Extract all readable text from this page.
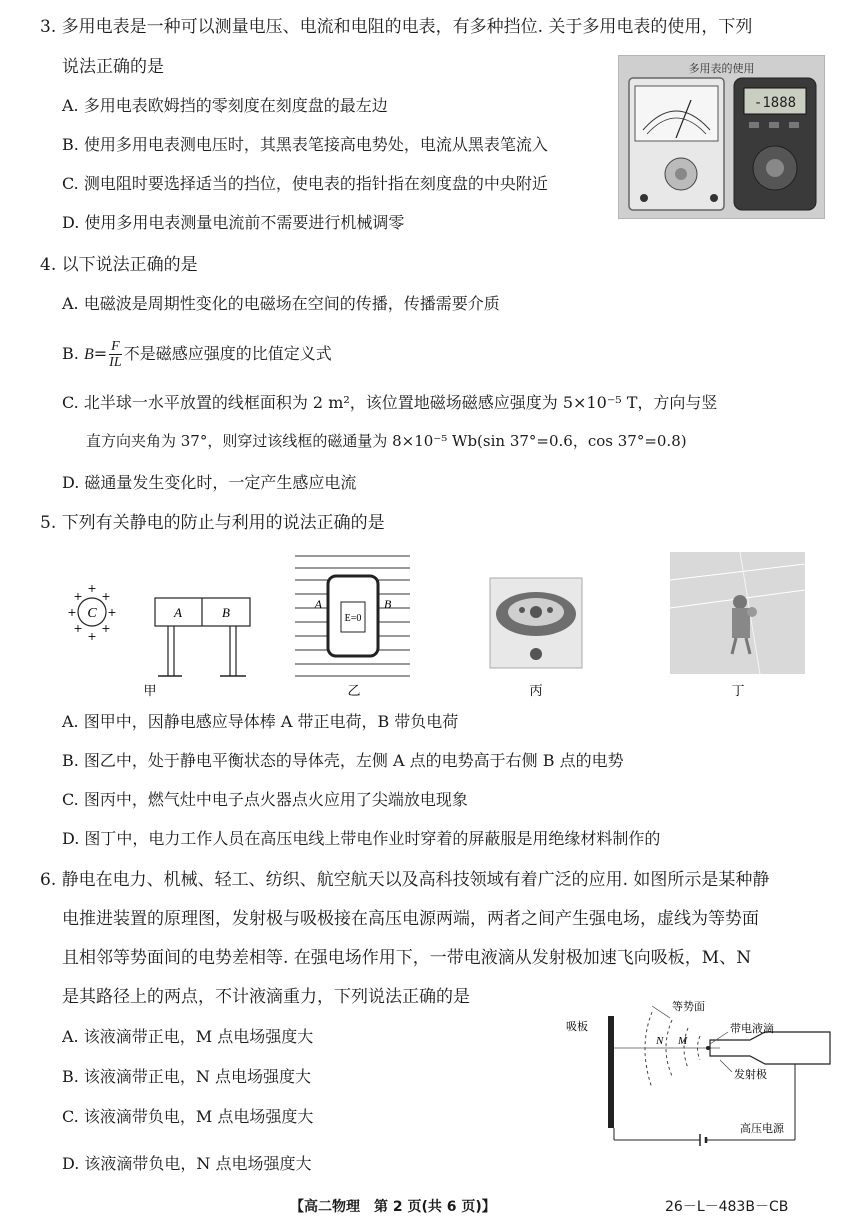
3. 多用电表是一种可以测量电压、电流和电阻的电表，有多种挡位. 关于多用电表的使用，下列
说法正确的是
A. 多用电表欧姆挡的零刻度在刻度盘的最左边
B. 使用多用电表测电压时，其黑表笔接高电势处，电流从黑表笔流入
C. 测电阻时要选择适当的挡位，使电表的指针指在刻度盘的中央附近
D. 使用多用电表测量电流前不需要进行机械调零
多用表的使用
-1888
4. 以下说法正确的是
A. 电磁波是周期性变化的电磁场在空间的传播，传播需要介质
B. $B= \frac{F}{IL}$ 不是磁感应强度的比值定义式
C. 北半球一水平放置的线框面积为 2 m²，该位置地磁场磁感应强度为 5×10⁻⁵ T，方向与竖
直方向夹角为 37°，则穿过该线框的磁通量为 8×10⁻⁵ Wb(sin 37°=0.6，cos 37°=0.8)
D. 磁通量发生变化时，一定产生感应电流
5. 下列有关静电的防止与利用的说法正确的是
C
+
+
+	+
+ +
+ +
A	B	E=0
A	B
甲	乙	丙	丁
A. 图甲中，因静电感应导体棒 A 带正电荷，B 带负电荷
B. 图乙中，处于静电平衡状态的导体壳，左侧 A 点的电势高于右侧 B 点的电势
C. 图丙中，燃气灶中电子点火器点火应用了尖端放电现象
D. 图丁中，电力工作人员在高压电线上带电作业时穿着的屏蔽服是用绝缘材料制作的
6. 静电在电力、机械、轻工、纺织、航空航天以及高科技领域有着广泛的应用. 如图所示是某种静
电推进装置的原理图，发射极与吸极接在高压电源两端，两者之间产生强电场，虚线为等势面
且相邻等势面间的电势差相等. 在强电场作用下，一带电液滴从发射极加速飞向吸板，M、N
是其路径上的两点，不计液滴重力，下列说法正确的是
A. 该液滴带正电，M 点电场强度大
B. 该液滴带正电，N 点电场强度大
C. 该液滴带负电，M 点电场强度大
D. 该液滴带负电，N 点电场强度大
吸板
等势面
带电液滴
发射极
高压电源
N M
【高二物理　第 2 页(共 6 页)】	26－L－483B－CB
